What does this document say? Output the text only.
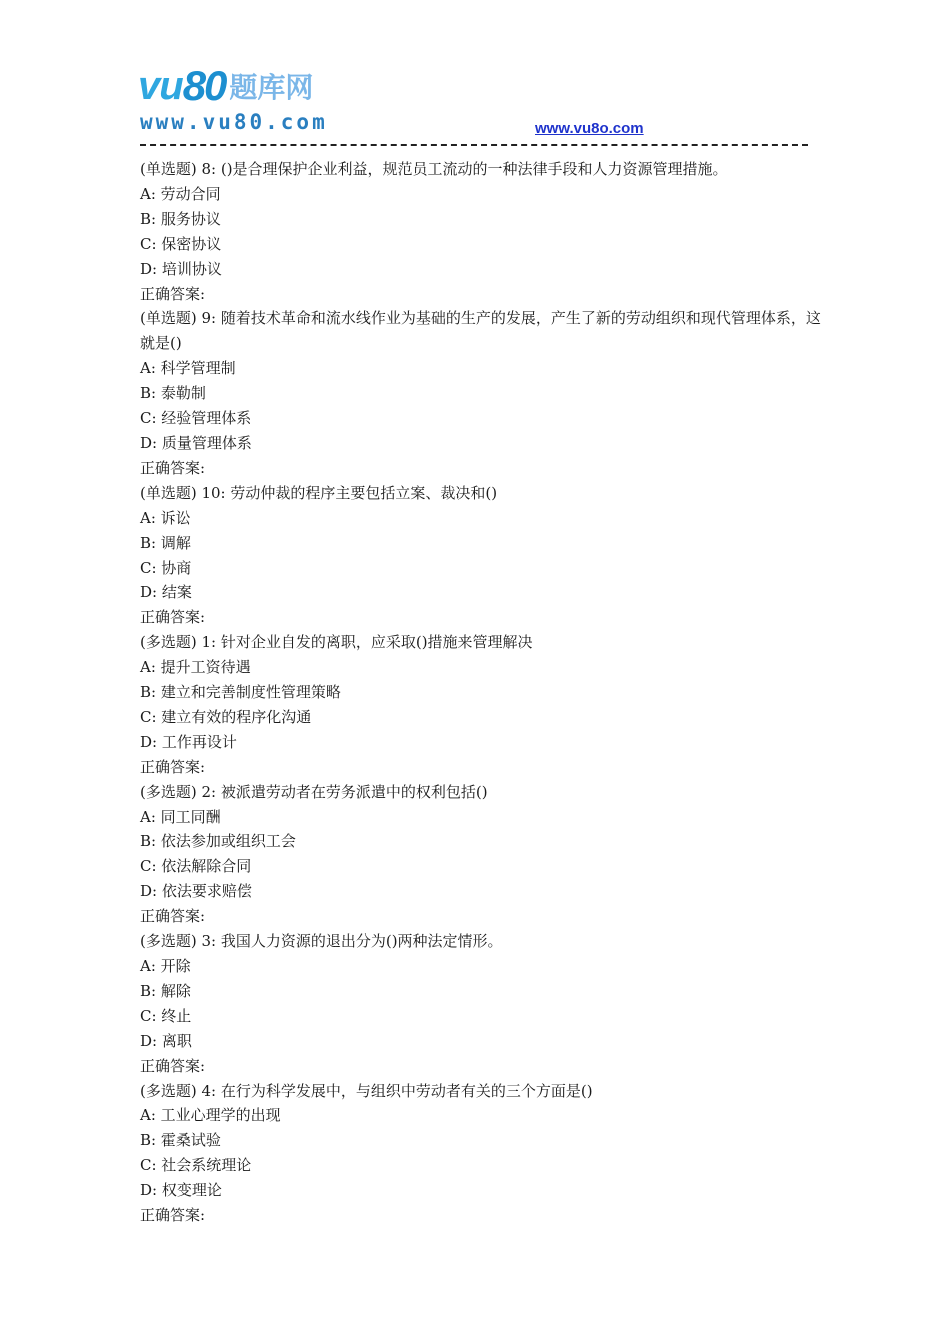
vu 80 题库网
www.vu80.com	www.vu8o.com
(单选题) 8: ()是合理保护企业利益，规范员工流动的一种法律手段和人力资源管理措施。
A: 劳动合同
B: 服务协议
C: 保密协议
D: 培训协议
正确答案:
(单选题) 9: 随着技术革命和流水线作业为基础的生产的发展，产生了新的劳动组织和现代管理体系，这就是()
A: 科学管理制
B: 泰勒制
C: 经验管理体系
D: 质量管理体系
正确答案:
(单选题) 10: 劳动仲裁的程序主要包括立案、裁决和()
A: 诉讼
B: 调解
C: 协商
D: 结案
正确答案:
(多选题) 1: 针对企业自发的离职，应采取()措施来管理解决
A: 提升工资待遇
B: 建立和完善制度性管理策略
C: 建立有效的程序化沟通
D: 工作再设计
正确答案:
(多选题) 2: 被派遣劳动者在劳务派遣中的权利包括()
A: 同工同酬
B: 依法参加或组织工会
C: 依法解除合同
D: 依法要求赔偿
正确答案:
(多选题) 3: 我国人力资源的退出分为()两种法定情形。
A: 开除
B: 解除
C: 终止
D: 离职
正确答案:
(多选题) 4: 在行为科学发展中，与组织中劳动者有关的三个方面是()
A: 工业心理学的出现
B: 霍桑试验
C: 社会系统理论
D: 权变理论
正确答案:
